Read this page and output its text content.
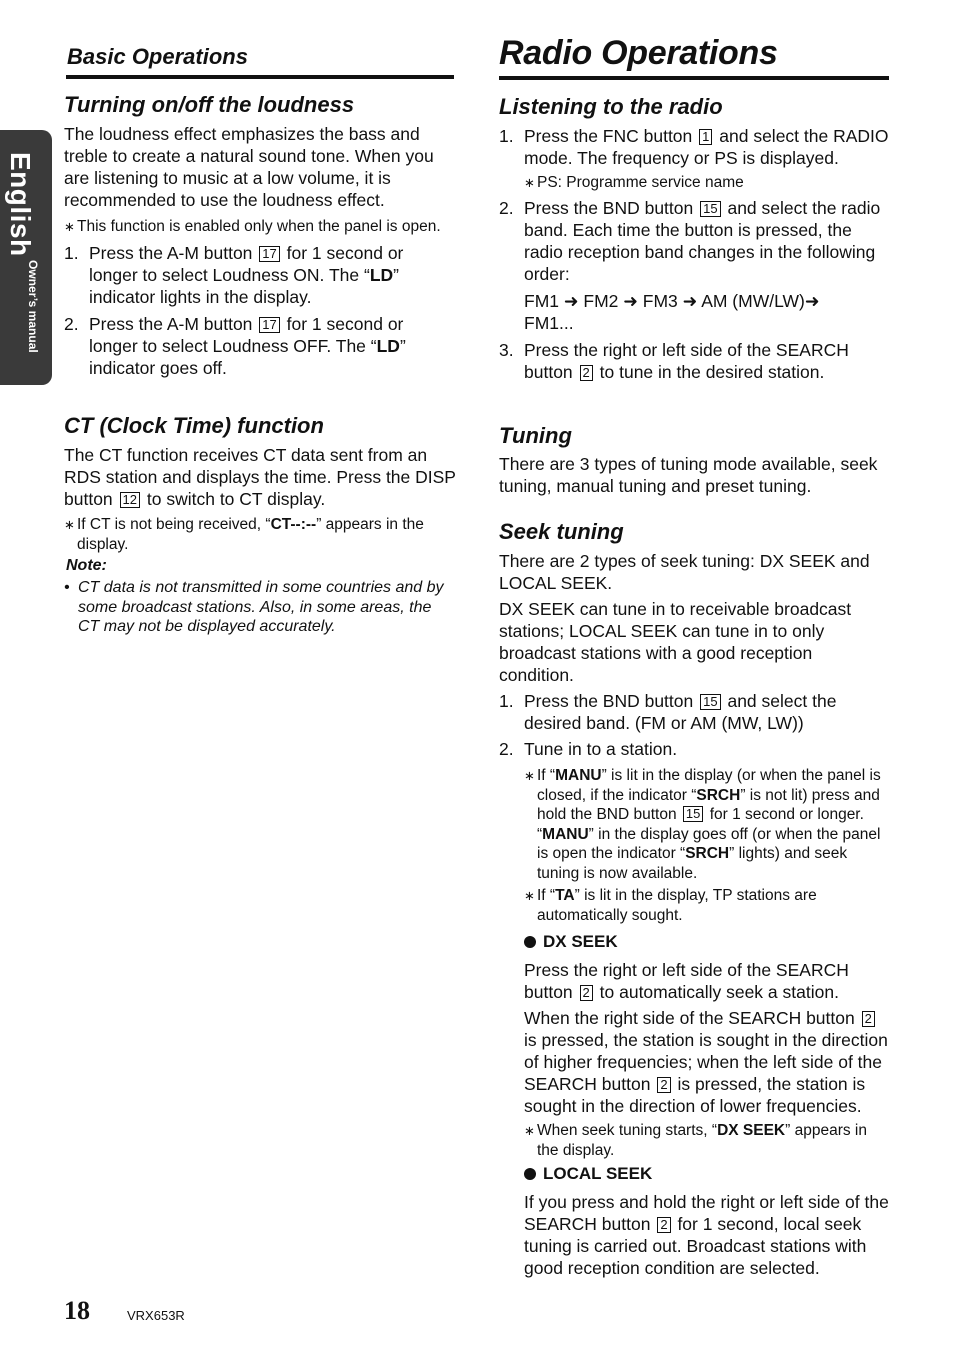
English
Owner’s manual
Basic Operations
Turning on/off the loudness

The loudness effect emphasizes the bass and treble to create a natural sound tone. When you are listening to music at a low volume, it is recommended to use the loudness effect.

∗ This function is enabled only when the panel is open.
1. Press the A-M button 17 for 1 second or longer to select Loudness ON. The “LD” indicator lights in the display.
2. Press the A-M button 17 for 1 second or longer to select Loudness OFF. The “LD” indicator goes off.
CT (Clock Time) function

The CT function receives CT data sent from an RDS station and displays the time. Press the DISP button 12 to switch to CT display.

∗ If CT is not being received, “CT--:--” appears in the display.
Note:
• CT data is not transmitted in some countries and by some broadcast stations. Also, in some areas, the CT may not be displayed accurately.
Radio Operations
Listening to the radio
1. Press the FNC button 1 and select the RADIO mode. The frequency or PS is displayed.
∗ PS: Programme service name
2. Press the BND button 15 and select the radio band. Each time the button is pressed, the radio reception band changes in the following order:

FM1 ➜ FM2 ➜ FM3 ➜ AM (MW/LW)➜ FM1...

3. Press the right or left side of the SEARCH button 2 to tune in the desired station.
Tuning

There are 3 types of tuning mode available, seek tuning, manual tuning and preset tuning.

Seek tuning

There are 2 types of seek tuning: DX SEEK and LOCAL SEEK.

DX SEEK can tune in to receivable broadcast stations; LOCAL SEEK can tune in to only broadcast stations with a good reception condition.

1. Press the BND button 15 and select the desired band. (FM or AM (MW, LW))
2. Tune in to a station.
∗ If “MANU” is lit in the display (or when the panel is closed, if the indicator “SRCH” is not lit) press and hold the BND button 15 for 1 second or longer. “MANU” in the display goes off (or when the panel is open the indicator “SRCH” lights) and seek tuning is now available.
∗ If “TA” is lit in the display, TP stations are automatically sought.
DX SEEK

Press the right or left side of the SEARCH button 2 to automatically seek a station.

When the right side of the SEARCH button 2 is pressed, the station is sought in the direction of higher frequencies; when the left side of the SEARCH button 2 is pressed, the station is sought in the direction of lower frequencies.

∗ When seek tuning starts, “DX SEEK” appears in the display.
LOCAL SEEK

If you press and hold the right or left side of the SEARCH button 2 for 1 second, local seek tuning is carried out. Broadcast stations with good reception condition are selected.

18	VRX653R
